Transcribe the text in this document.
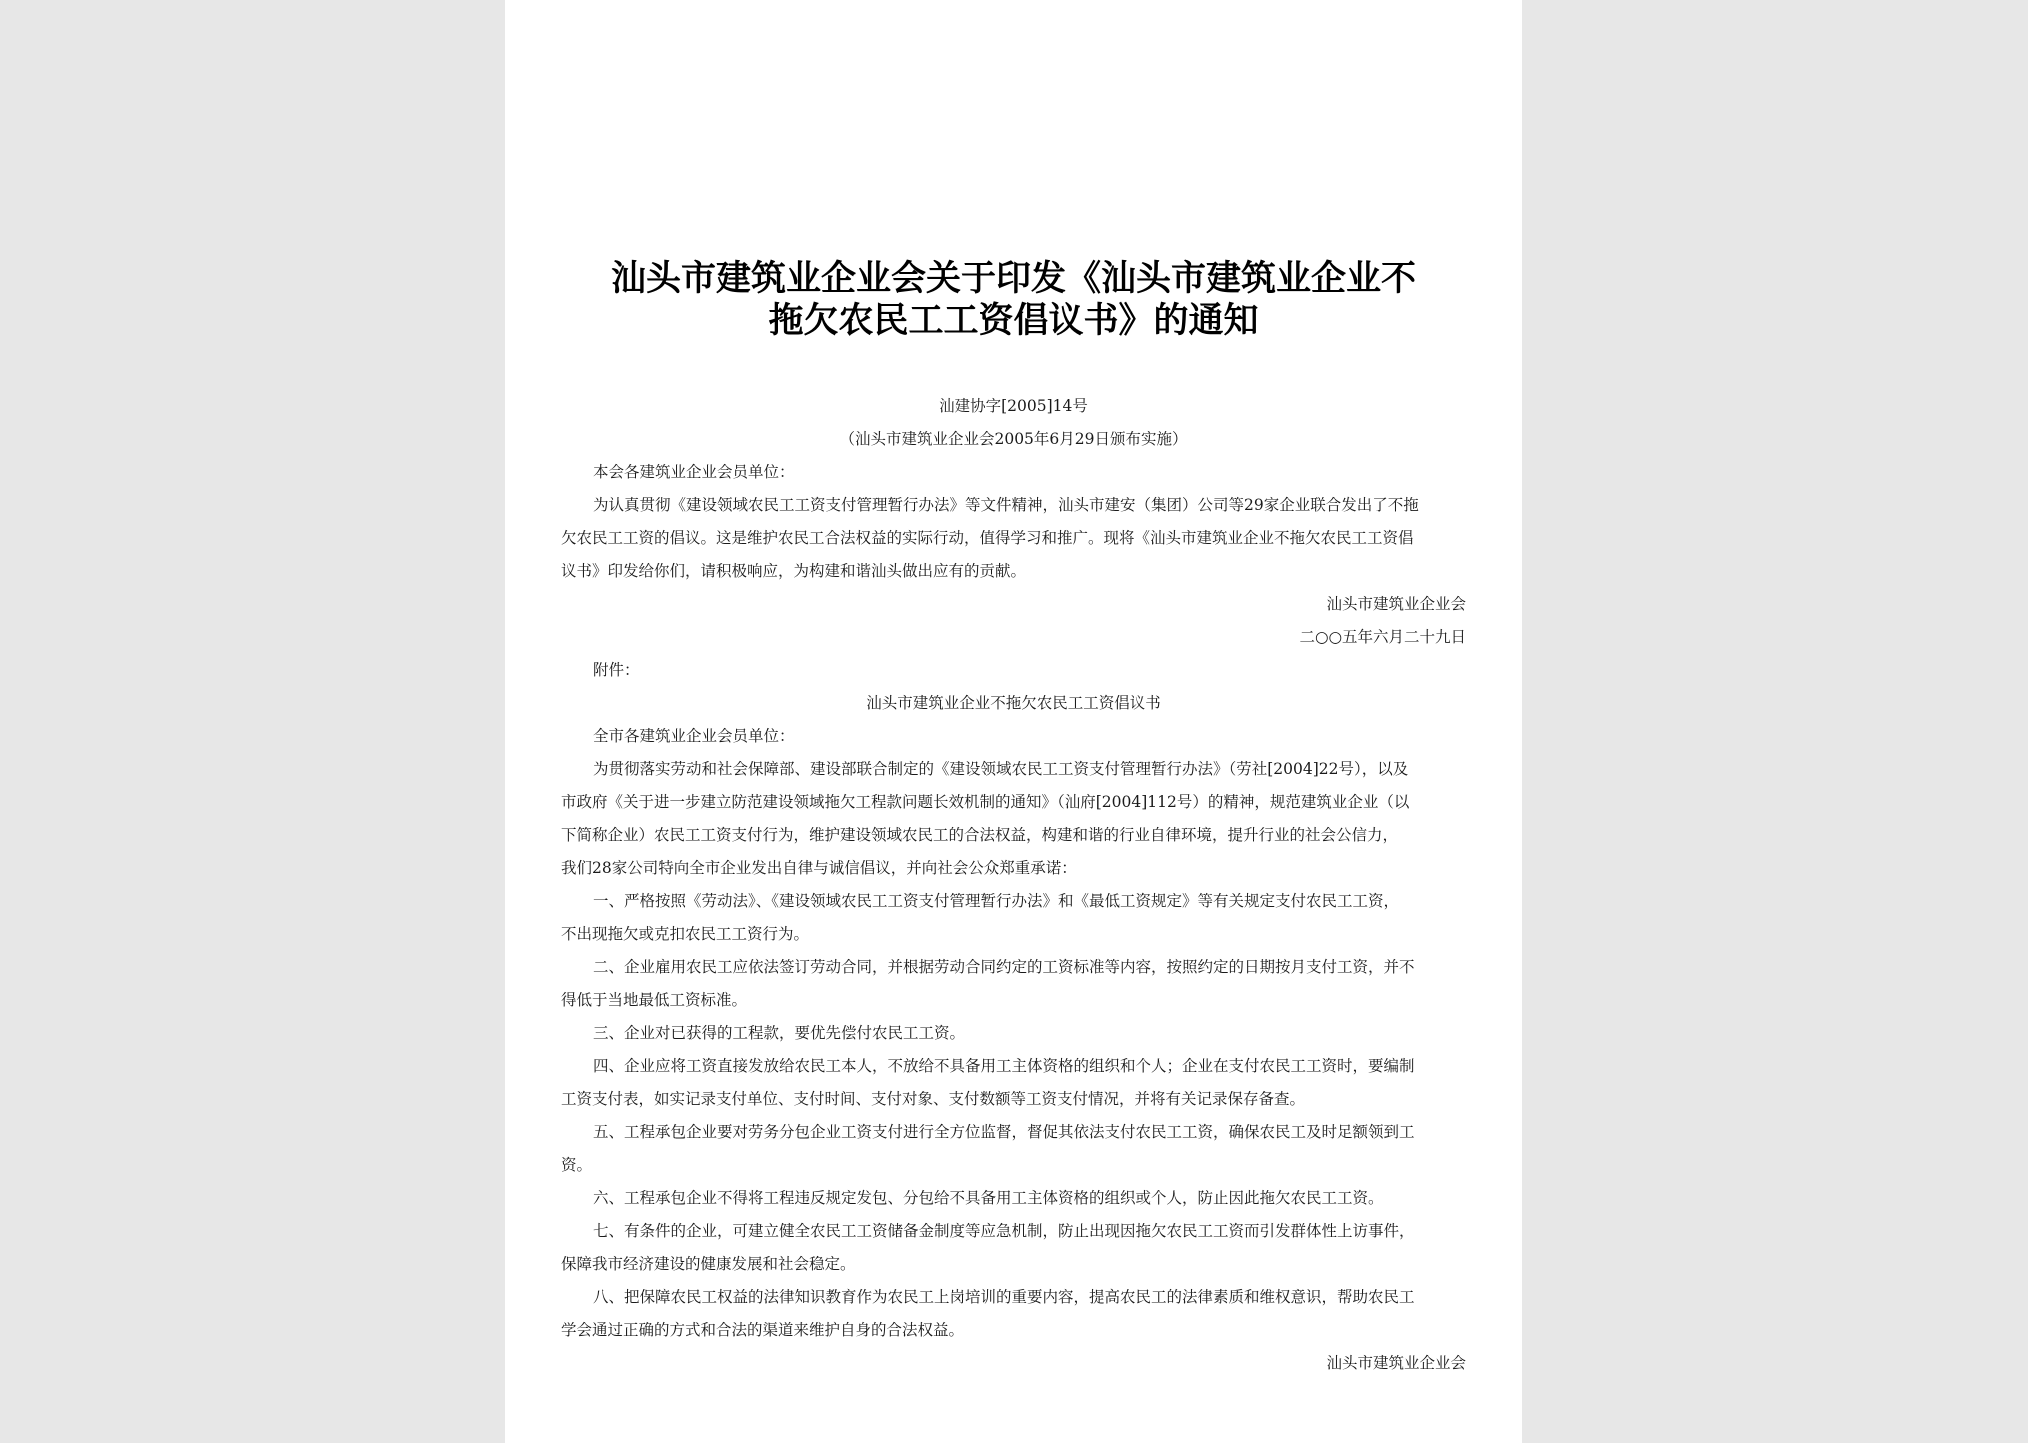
汕头市建筑业企业会关于印发《汕头市建筑业企业不
拖欠农民工工资倡议书》的通知
汕建协字[2005]14号
（汕头市建筑业企业会2005年6月29日颁布实施）
本会各建筑业企业会员单位：
为认真贯彻《建设领域农民工工资支付管理暂行办法》等文件精神，汕头市建安（集团）公司等29家企业联合发出了不拖
欠农民工工资的倡议。这是维护农民工合法权益的实际行动，值得学习和推广。现将《汕头市建筑业企业不拖欠农民工工资倡
议书》印发给你们，请积极响应，为构建和谐汕头做出应有的贡献。
汕头市建筑业企业会
二○○五年六月二十九日
附件：
汕头市建筑业企业不拖欠农民工工资倡议书
全市各建筑业企业会员单位：
为贯彻落实劳动和社会保障部、建设部联合制定的《建设领域农民工工资支付管理暂行办法》（劳社[2004]22号），以及
市政府《关于进一步建立防范建设领域拖欠工程款问题长效机制的通知》（汕府[2004]112号）的精神，规范建筑业企业（以
下简称企业）农民工工资支付行为，维护建设领域农民工的合法权益，构建和谐的行业自律环境，提升行业的社会公信力，
我们28家公司特向全市企业发出自律与诚信倡议，并向社会公众郑重承诺：
一、严格按照《劳动法》、《建设领域农民工工资支付管理暂行办法》和《最低工资规定》等有关规定支付农民工工资，
不出现拖欠或克扣农民工工资行为。
二、企业雇用农民工应依法签订劳动合同，并根据劳动合同约定的工资标准等内容，按照约定的日期按月支付工资，并不
得低于当地最低工资标准。
三、企业对已获得的工程款，要优先偿付农民工工资。
四、企业应将工资直接发放给农民工本人，不放给不具备用工主体资格的组织和个人；企业在支付农民工工资时，要编制
工资支付表，如实记录支付单位、支付时间、支付对象、支付数额等工资支付情况，并将有关记录保存备查。
五、工程承包企业要对劳务分包企业工资支付进行全方位监督，督促其依法支付农民工工资，确保农民工及时足额领到工
资。
六、工程承包企业不得将工程违反规定发包、分包给不具备用工主体资格的组织或个人，防止因此拖欠农民工工资。
七、有条件的企业，可建立健全农民工工资储备金制度等应急机制，防止出现因拖欠农民工工资而引发群体性上访事件，
保障我市经济建设的健康发展和社会稳定。
八、把保障农民工权益的法律知识教育作为农民工上岗培训的重要内容，提高农民工的法律素质和维权意识，帮助农民工
学会通过正确的方式和合法的渠道来维护自身的合法权益。
汕头市建筑业企业会
